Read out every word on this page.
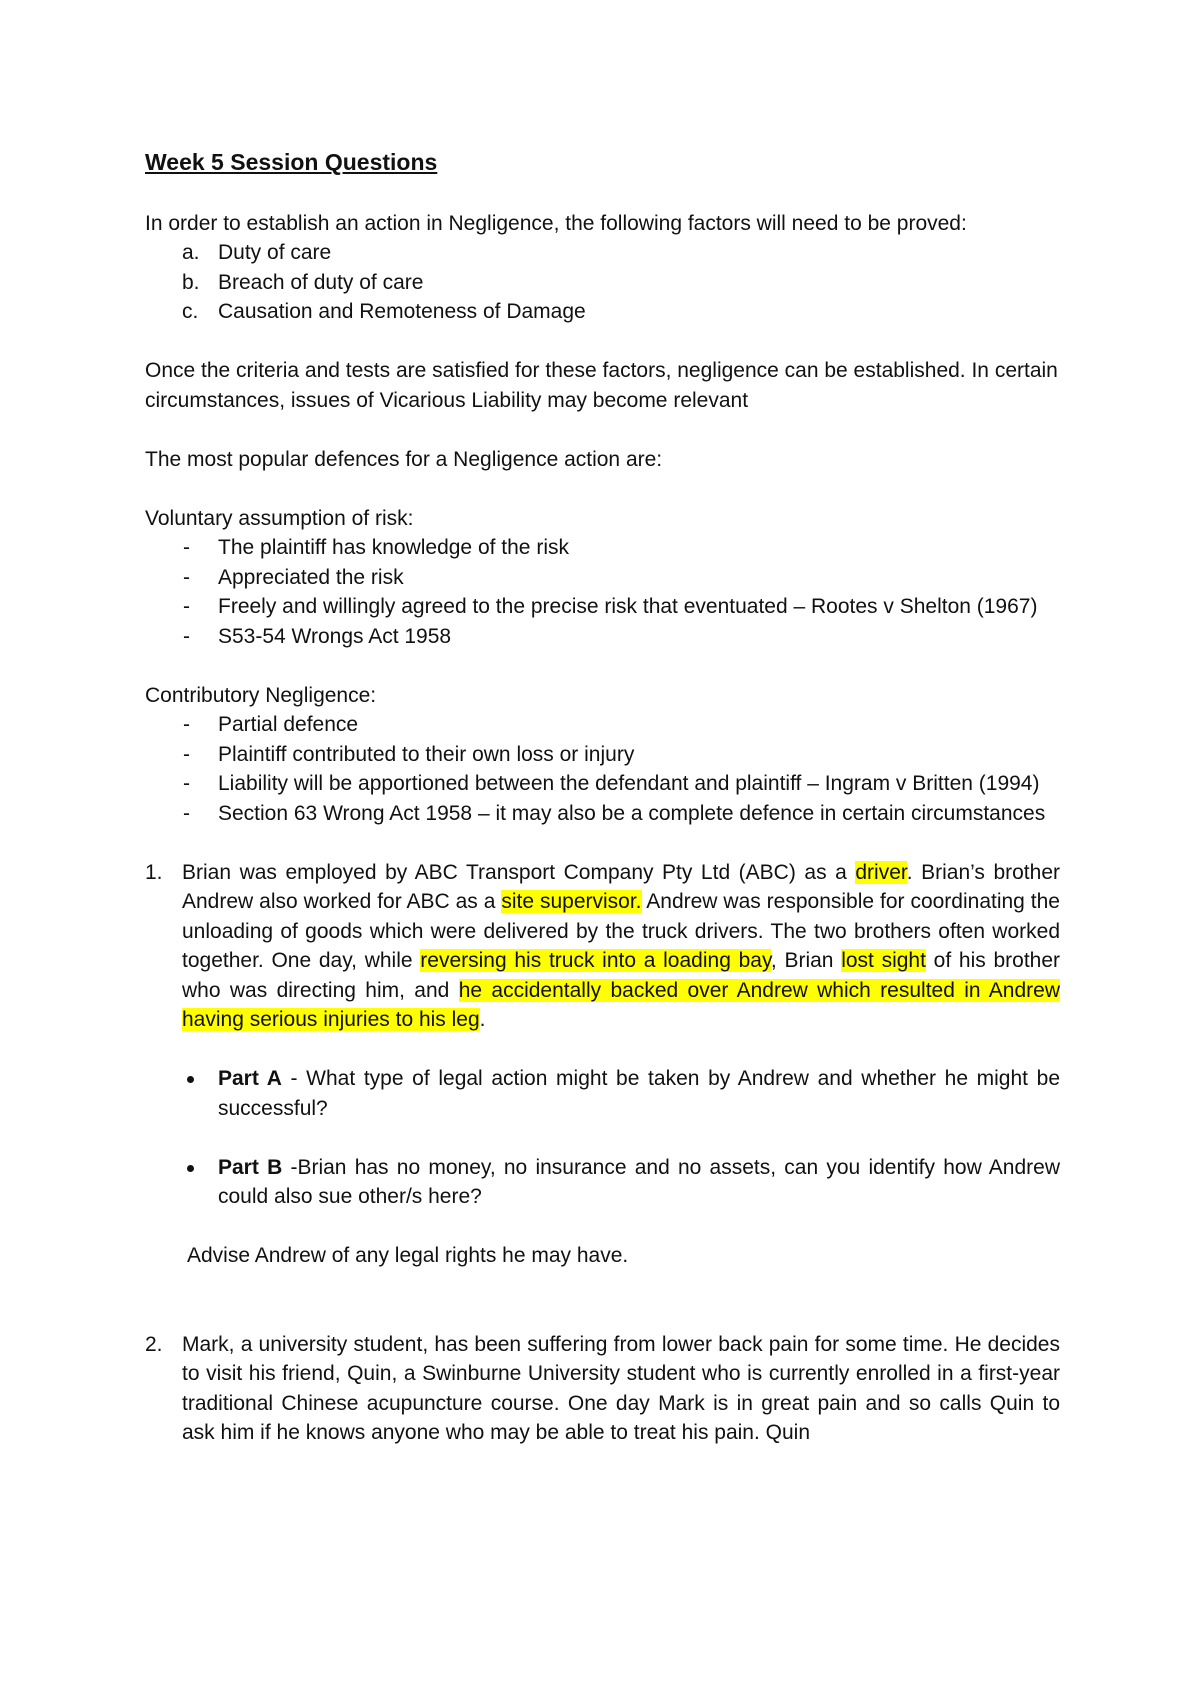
Week 5 Session Questions

In order to establish an action in Negligence, the following factors will need to be proved:

a. Duty of care
b. Breach of duty of care
c. Causation and Remoteness of Damage

Once the criteria and tests are satisfied for these factors, negligence can be established. In certain circumstances, issues of Vicarious Liability may become relevant

The most popular defences for a Negligence action are:

Voluntary assumption of risk:

- The plaintiff has knowledge of the risk
- Appreciated the risk
- Freely and willingly agreed to the precise risk that eventuated – Rootes v Shelton (1967)
- S53-54 Wrongs Act 1958

Contributory Negligence:

- Partial defence
- Plaintiff contributed to their own loss or injury
- Liability will be apportioned between the defendant and plaintiff – Ingram v Britten (1994)
- Section 63 Wrong Act 1958 – it may also be a complete defence in certain circumstances
1. Brian was employed by ABC Transport Company Pty Ltd (ABC) as a driver. Brian’s brother Andrew also worked for ABC as a site supervisor. Andrew was responsible for coordinating the unloading of goods which were delivered by the truck drivers. The two brothers often worked together. One day, while reversing his truck into a loading bay, Brian lost sight of his brother who was directing him, and he accidentally backed over Andrew which resulted in Andrew having serious injuries to his leg.
Part A - What type of legal action might be taken by Andrew and whether he might be successful?
Part B -Brian has no money, no insurance and no assets, can you identify how Andrew could also sue other/s here?

Advise Andrew of any legal rights he may have.

2. Mark, a university student, has been suffering from lower back pain for some time. He decides to visit his friend, Quin, a Swinburne University student who is currently enrolled in a first-year traditional Chinese acupuncture course. One day Mark is in great pain and so calls Quin to ask him if he knows anyone who may be able to treat his pain. Quin
